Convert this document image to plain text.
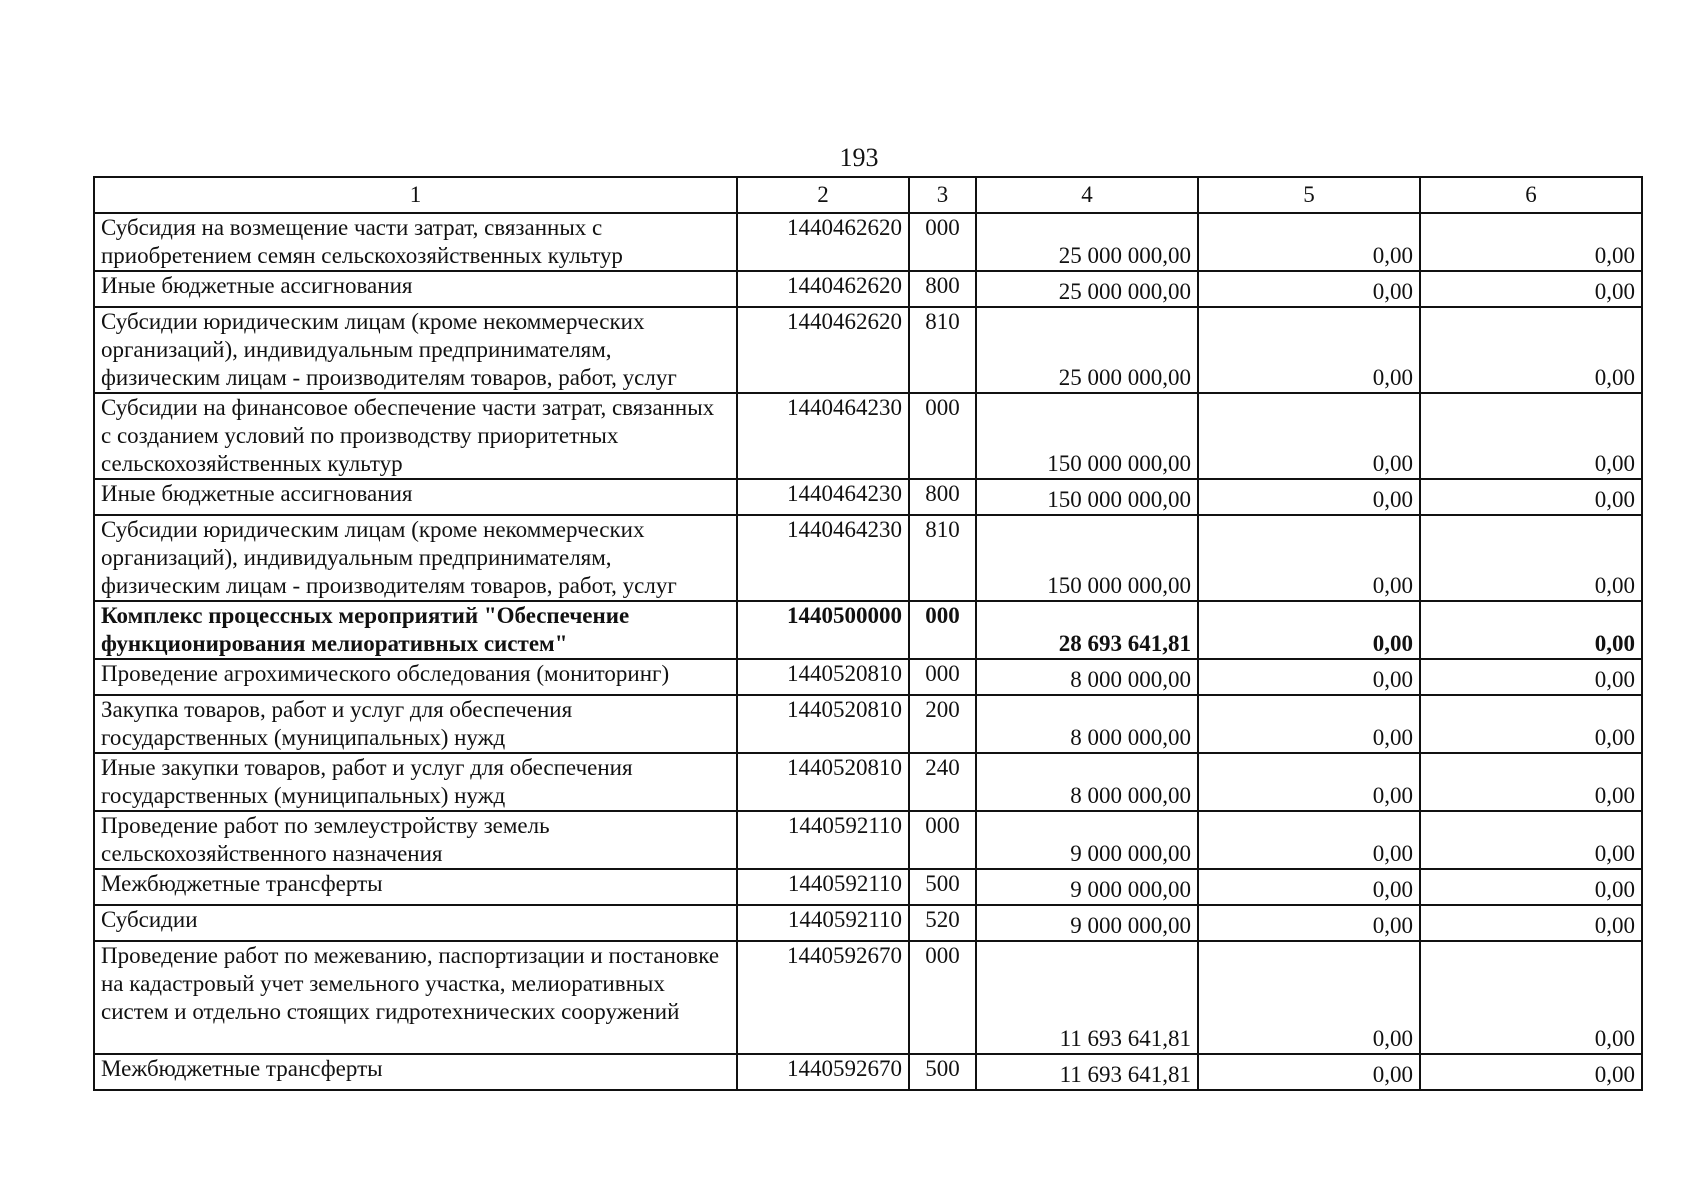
193
1	2	3	4	5	6
Субсидия на возмещение части затрат, связанных с приобретением семян сельскохозяйственных культур	1440462620	000	25 000 000,00	0,00	0,00
Иные бюджетные ассигнования	1440462620	800	25 000 000,00	0,00	0,00
Субсидии юридическим лицам (кроме некоммерческих организаций), индивидуальным предпринимателям, физическим лицам - производителям товаров, работ, услуг	1440462620	810	25 000 000,00	0,00	0,00
Субсидии на финансовое обеспечение части затрат, связанных с созданием условий по производству приоритетных сельскохозяйственных культур	1440464230	000	150 000 000,00	0,00	0,00
Иные бюджетные ассигнования	1440464230	800	150 000 000,00	0,00	0,00
Субсидии юридическим лицам (кроме некоммерческих организаций), индивидуальным предпринимателям, физическим лицам - производителям товаров, работ, услуг	1440464230	810	150 000 000,00	0,00	0,00
Комплекс процессных мероприятий "Обеспечение функционирования мелиоративных систем"	1440500000	000	28 693 641,81	0,00	0,00
Проведение агрохимического обследования (мониторинг)	1440520810	000	8 000 000,00	0,00	0,00
Закупка товаров, работ и услуг для обеспечения государственных (муниципальных) нужд	1440520810	200	8 000 000,00	0,00	0,00
Иные закупки товаров, работ и услуг для обеспечения государственных (муниципальных) нужд	1440520810	240	8 000 000,00	0,00	0,00
Проведение работ по землеустройству земель сельскохозяйственного назначения	1440592110	000	9 000 000,00	0,00	0,00
Межбюджетные трансферты	1440592110	500	9 000 000,00	0,00	0,00
Субсидии	1440592110	520	9 000 000,00	0,00	0,00
Проведение работ по межеванию, паспортизации и постановке на кадастровый учет земельного участка, мелиоративных систем и отдельно стоящих гидротехнических сооружений	1440592670	000	11 693 641,81	0,00	0,00
Межбюджетные трансферты	1440592670	500	11 693 641,81	0,00	0,00
